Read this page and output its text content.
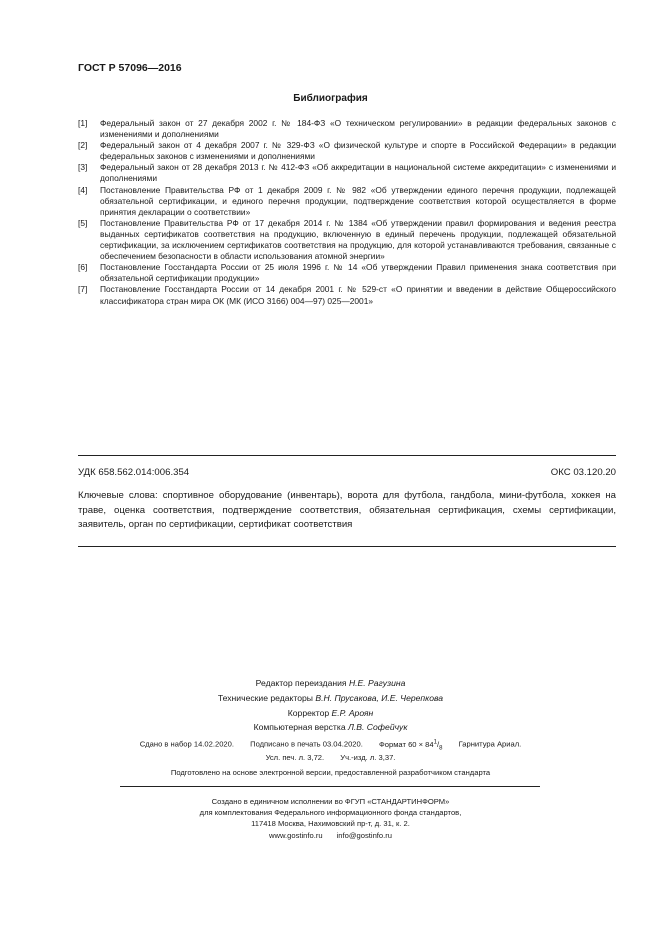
ГОСТ Р 57096—2016
Библиография
[1]	Федеральный закон от 27 декабря 2002 г. № 184-ФЗ «О техническом регулировании» в редакции федеральных законов с изменениями и дополнениями
[2]	Федеральный закон от 4 декабря 2007 г. № 329-ФЗ «О физической культуре и спорте в Российской Федерации» в редакции федеральных законов с изменениями и дополнениями
[3]	Федеральный закон от 28 декабря 2013 г. № 412-ФЗ «Об аккредитации в национальной системе аккредитации» с изменениями и дополнениями
[4]	Постановление Правительства РФ от 1 декабря 2009 г. № 982 «Об утверждении единого перечня продукции, подлежащей обязательной сертификации, и единого перечня продукции, подтверждение соответствия которой осуществляется в форме принятия декларации о соответствии»
[5]	Постановление Правительства РФ от 17 декабря 2014 г. № 1384 «Об утверждении правил формирования и ведения реестра выданных сертификатов соответствия на продукцию, включенную в единый перечень продукции, подлежащей обязательной сертификации, за исключением сертификатов соответствия на продукцию, для которой устанавливаются требования, связанные с обеспечением безопасности в области использования атомной энергии»
[6]	Постановление Госстандарта России от 25 июля 1996 г. № 14 «Об утверждении Правил применения знака соответствия при обязательной сертификации продукции»
[7]	Постановление Госстандарта России от 14 декабря 2001 г. № 529-ст «О принятии и введении в действие Общероссийского классификатора стран мира ОК (МК (ИСО 3166) 004—97) 025—2001»
УДК 658.562.014:006.354	ОКС 03.120.20
Ключевые слова: спортивное оборудование (инвентарь), ворота для футбола, гандбола, мини-футбола, хоккея на траве, оценка соответствия, подтверждение соответствия, обязательная сертификация, схемы сертификации, заявитель, орган по сертификации, сертификат соответствия
Редактор переиздания Н.Е. Рагузина
Технические редакторы В.Н. Прусакова, И.Е. Черепкова
Корректор Е.Р. Ароян
Компьютерная верстка Л.В. Софейчук
Сдано в набор 14.02.2020. Подписано в печать 03.04.2020. Формат $60 \times 84^1/_8$ Гарнитура Ариал.
Усл. печ. л. 3,72. Уч.-изд. л. 3,37.
Подготовлено на основе электронной версии, предоставленной разработчиком стандарта
Создано в единичном исполнении во ФГУП «СТАНДАРТИНФОРМ»
для комплектования Федерального информационного фонда стандартов,
117418 Москва, Нахимовский пр-т, д. 31, к. 2.
www.gostinfo.ru info@gostinfo.ru
